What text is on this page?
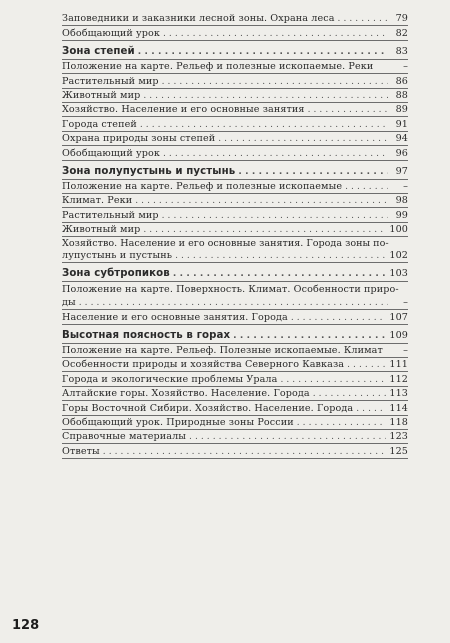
Заповедники и заказники лесной зоны. Охрана леса . . .	79
Обобщающий урок . . .	82
Зона степей . . .	83
Положение на карте. Рельеф и полезные ископаемые. Реки	–
Растительный мир . . .	86
Животный мир . . .	88
Хозяйство. Население и его основные занятия . . .	89
Города степей . . .	91
Охрана природы зоны степей . . .	94
Обобщающий урок . . .	96
Зона полупустынь и пустынь . . .	97
Положение на карте. Рельеф и полезные ископаемые . . .	–
Климат. Реки . . .	98
Растительный мир . . .	99
Животный мир . . .	100
Хозяйство. Население и его основные занятия. Города зоны по-
лупустынь и пустынь . . .	102
Зона субтропиков . . .	103
Положение на карте. Поверхность. Климат. Особенности приро-
ды . . .	–
Население и его основные занятия. Города . . .	107
Высотная поясность в горах . . .	109
Положение на карте. Рельеф. Полезные ископаемые. Климат	–
Особенности природы и хозяйства Северного Кавказа . . .	111
Города и экологические проблемы Урала . . .	112
Алтайские горы. Хозяйство. Население. Города . . .	113
Горы Восточной Сибири. Хозяйство. Население. Города . . .	114
Обобщающий урок. Природные зоны России . . .	118
Справочные материалы . . .	123
Ответы . . .	125
128
